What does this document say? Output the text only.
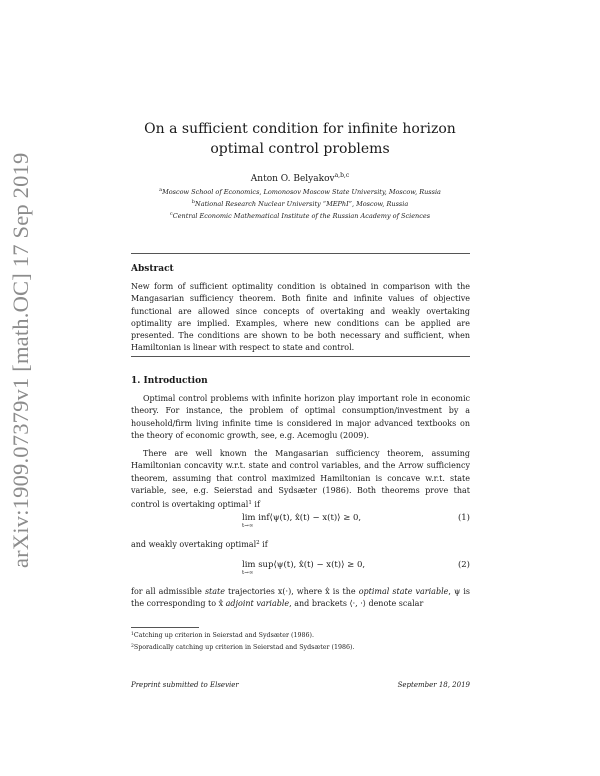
arXiv:1909.07379v1 [math.OC] 17 Sep 2019
On a sufficient condition for infinite horizon
optimal control problems
Anton O. Belyakov$^{a,b,c}$
$^a$Moscow School of Economics, Lomonosov Moscow State University, Moscow, Russia
$^b$National Research Nuclear University “MEPhI”, Moscow, Russia
$^c$Central Economic Mathematical Institute of the Russian Academy of Sciences
Abstract
New form of sufficient optimality condition is obtained in comparison with the Mangasarian sufficiency theorem. Both finite and infinite values of objective functional are allowed since concepts of overtaking and weakly overtaking optimality are implied. Examples, where new conditions can be applied are presented. The conditions are shown to be both necessary and sufficient, when Hamiltonian is linear with respect to state and control.
1. Introduction
Optimal control problems with infinite horizon play important role in economic theory. For instance, the problem of optimal consumption/investment by a household/firm living infinite time is considered in major advanced textbooks on the theory of economic growth, see, e.g. Acemoglu (2009).
There are well known the Mangasarian sufficiency theorem, assuming Hamiltonian concavity w.r.t. state and control variables, and the Arrow sufficiency theorem, assuming that control maximized Hamiltonian is concave w.r.t. state variable, see, e.g. Seierstad and Sydsæter (1986). Both theorems prove that control is overtaking optimal$^1$ if
lim inf⟨ψ(t), x̂(t) − x(t)⟩ ≥ 0,
t→∞
(1)
and weakly overtaking optimal$^2$ if
lim sup⟨ψ(t), x̂(t) − x(t)⟩ ≥ 0,
t→∞
(2)
for all admissible state trajectories x(·), where x̂ is the optimal state variable, ψ is the corresponding to x̂ adjoint variable, and brackets ⟨·, ·⟩ denote scalar
$^1$Catching up criterion in Seierstad and Sydsæter (1986).
$^2$Sporadically catching up criterion in Seierstad and Sydsæter (1986).
Preprint submitted to Elsevier	September 18, 2019
